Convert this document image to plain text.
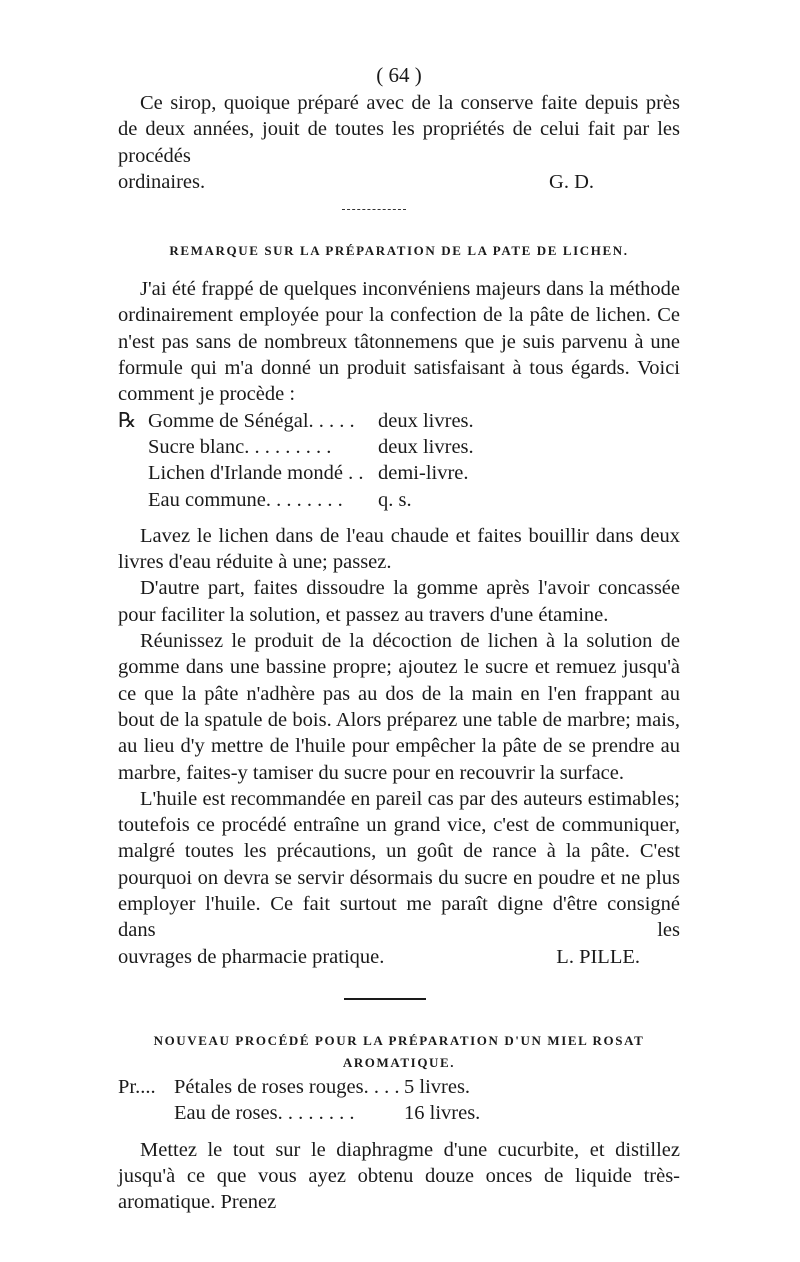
( 64 )

Ce sirop, quoique préparé avec de la conserve faite depuis près de deux années, jouit de toutes les propriétés de celui fait par les procédés

ordinaires.	G. D.
REMARQUE SUR LA PRÉPARATION DE LA PATE DE LICHEN.

J'ai été frappé de quelques inconvéniens majeurs dans la méthode ordinairement employée pour la confection de la pâte de lichen. Ce n'est pas sans de nombreux tâtonnemens que je suis parvenu à une formule qui m'a donné un produit satisfaisant à tous égards. Voici comment je procède :

℞	Gomme de Sénégal. . . . .	deux livres.
	Sucre blanc. . . . . . . . .	deux livres.
	Lichen d'Irlande mondé . .	demi-livre.
	Eau commune. . . . . . . .	q. s.

Lavez le lichen dans de l'eau chaude et faites bouillir dans deux livres d'eau réduite à une; passez.

D'autre part, faites dissoudre la gomme après l'avoir concassée pour faciliter la solution, et passez au travers d'une étamine.

Réunissez le produit de la décoction de lichen à la solution de gomme dans une bassine propre; ajoutez le sucre et remuez jusqu'à ce que la pâte n'adhère pas au dos de la main en l'en frappant au bout de la spatule de bois. Alors préparez une table de marbre; mais, au lieu d'y mettre de l'huile pour empêcher la pâte de se prendre au marbre, faites-y tamiser du sucre pour en recouvrir la surface.

L'huile est recommandée en pareil cas par des auteurs estimables; toutefois ce procédé entraîne un grand vice, c'est de communiquer, malgré toutes les précautions, un goût de rance à la pâte. C'est pourquoi on devra se servir désormais du sucre en poudre et ne plus employer l'huile. Ce fait surtout me paraît digne d'être consigné dans les

ouvrages de pharmacie pratique.	L. PILLE.
NOUVEAU PROCÉDÉ POUR LA PRÉPARATION D'UN MIEL ROSAT
AROMATIQUE.
Pr....	Pétales de roses rouges. . . .	5 livres.
	Eau de roses. . . . . . . .	16 livres.

Mettez le tout sur le diaphragme d'une cucurbite, et distillez jusqu'à ce que vous ayez obtenu douze onces de liquide très-aromatique. Prenez
